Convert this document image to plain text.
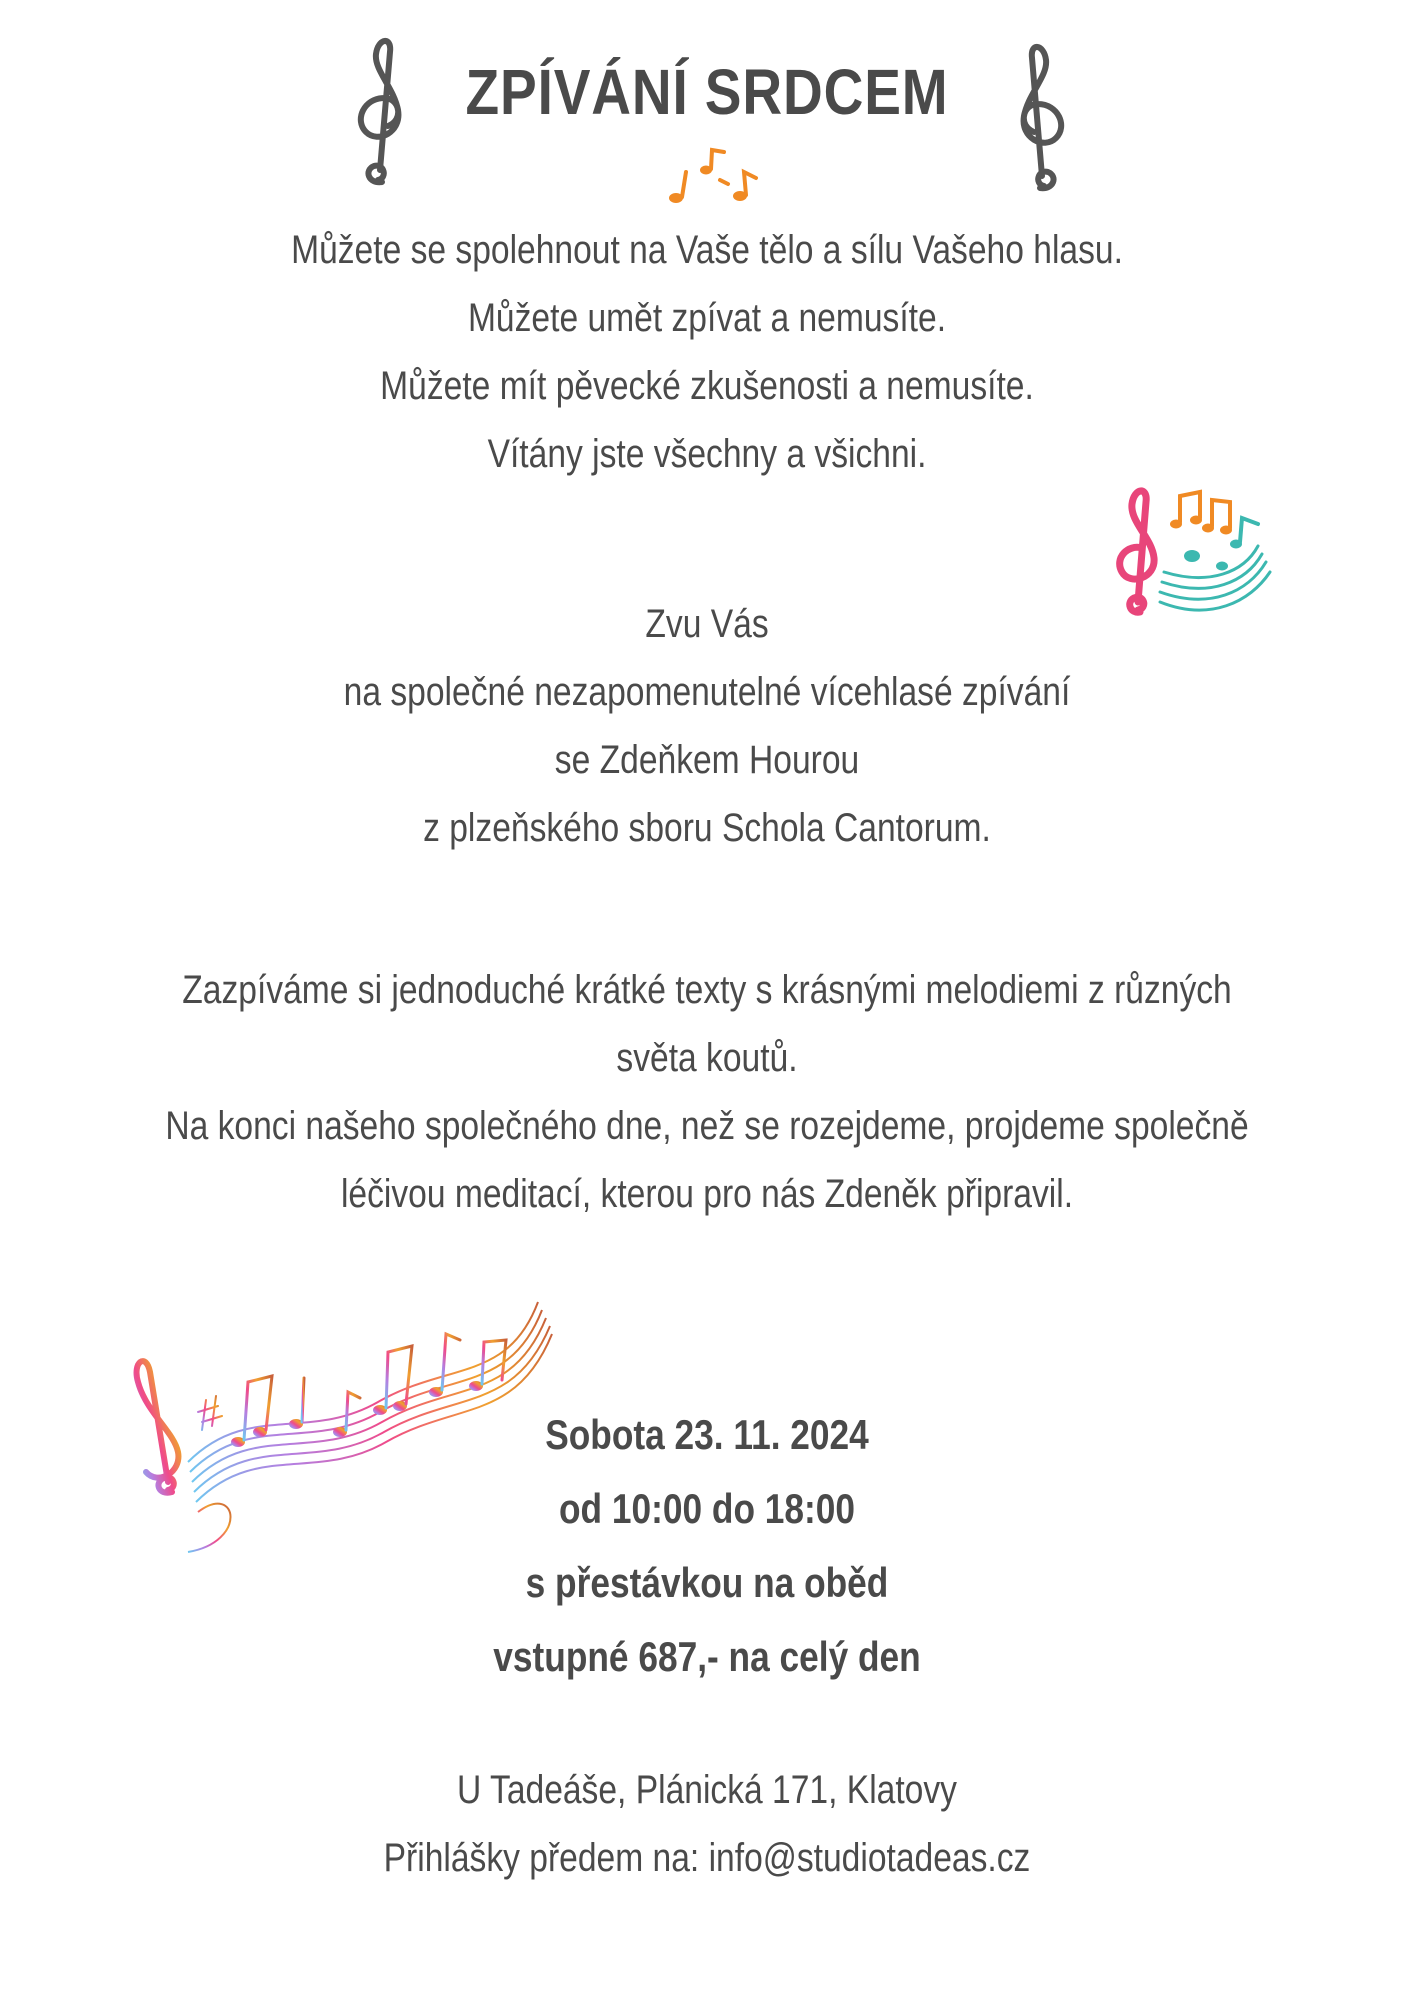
ZPÍVÁNÍ SRDCEM
Můžete se spolehnout na Vaše tělo a sílu Vašeho hlasu.
Můžete umět zpívat a nemusíte.
Můžete mít pěvecké zkušenosti a nemusíte.
Vítány jste všechny a všichni.
Zvu Vás
na společné nezapomenutelné vícehlasé zpívání
se Zdeňkem Hourou
z plzeňského sboru Schola Cantorum.
Zazpíváme si jednoduché krátké texty s krásnými melodiemi z různých
světa koutů.
Na konci našeho společného dne, než se rozejdeme, projdeme společně
léčivou meditací, kterou pro nás Zdeněk připravil.
Sobota 23. 11. 2024
od 10:00 do 18:00
s přestávkou na oběd
vstupné 687,- na celý den
U Tadeáše, Plánická 171, Klatovy
Přihlášky předem na: info@studiotadeas.cz
